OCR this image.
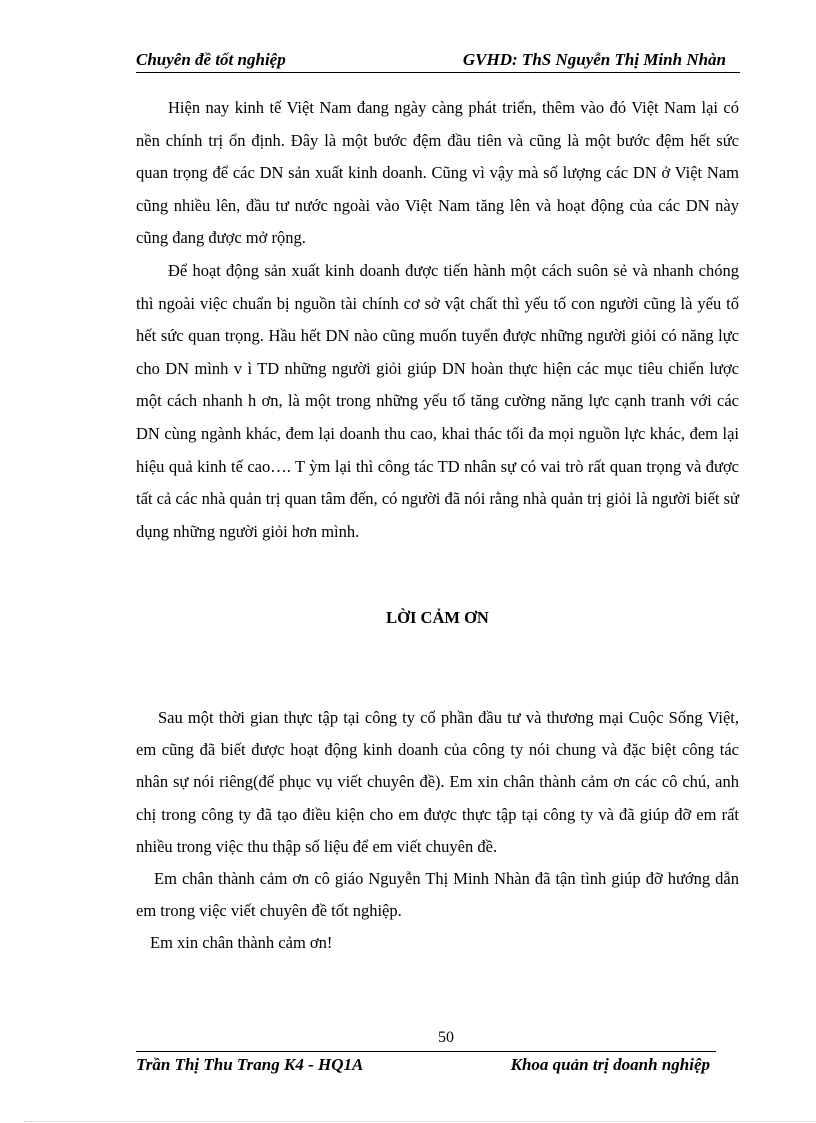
Chuyên đề tốt nghiệp	GVHD: ThS Nguyễn Thị Minh Nhàn

Hiện nay kinh tế Việt Nam đang ngày càng phát triển, thêm vào đó Việt Nam lại có nền chính trị ổn định. Đây là một bước đệm đầu tiên và cũng là một bước đệm hết sức quan trọng để các DN sản xuất kinh doanh. Cũng vì vậy mà số lượng các DN ở Việt Nam cũng nhiều lên, đầu tư nước ngoài vào Việt Nam tăng lên và hoạt động của các DN này cũng đang được mở rộng.

Để hoạt động sản xuất kinh doanh được tiến hành một cách suôn sẻ và nhanh chóng thì ngoài việc chuẩn bị nguồn tài chính cơ sở vật chất thì yếu tố con người cũng là yếu tố hết sức quan trọng. Hầu hết DN nào cũng muốn tuyển được những người giỏi có năng lực cho DN mình v ì TD những người giỏi giúp DN hoàn thực hiện các mục tiêu chiến lược một cách nhanh h ơn, là một trong những yếu tố tăng cường năng lực cạnh tranh với các DN cùng ngành khác, đem lại doanh thu cao, khai thác tối đa mọi nguồn lực khác, đem lại hiệu quả kinh tế cao…. T ỳm lại thì công tác TD nhân sự có vai trò rất quan trọng và được tất cả các nhà quản trị quan tâm đến, có người đã nói rằng nhà quản trị giỏi là người biết sử dụng những người giỏi hơn mình.

LỜI CẢM ƠN

Sau một thời gian thực tập tại công ty cổ phần đầu tư và thương mại Cuộc Sống Việt, em cũng đã biết được hoạt động kinh doanh của công ty nói chung và đặc biệt công tác nhân sự nói riêng(để phục vụ viết chuyên đề). Em xin chân thành cảm ơn các cô chú, anh chị trong công ty đã tạo điều kiện cho em được thực tập tại công ty và đã giúp đỡ em rất nhiều trong việc thu thập số liệu để em viết chuyên đề.

Em chân thành cảm ơn cô giáo Nguyễn Thị Minh Nhàn đã tận tình giúp đỡ hướng dẫn em trong việc viết chuyên đề tốt nghiệp.

Em xin chân thành cảm ơn!

50
Trần Thị Thu Trang K4 - HQ1A	Khoa quản trị doanh nghiệp
